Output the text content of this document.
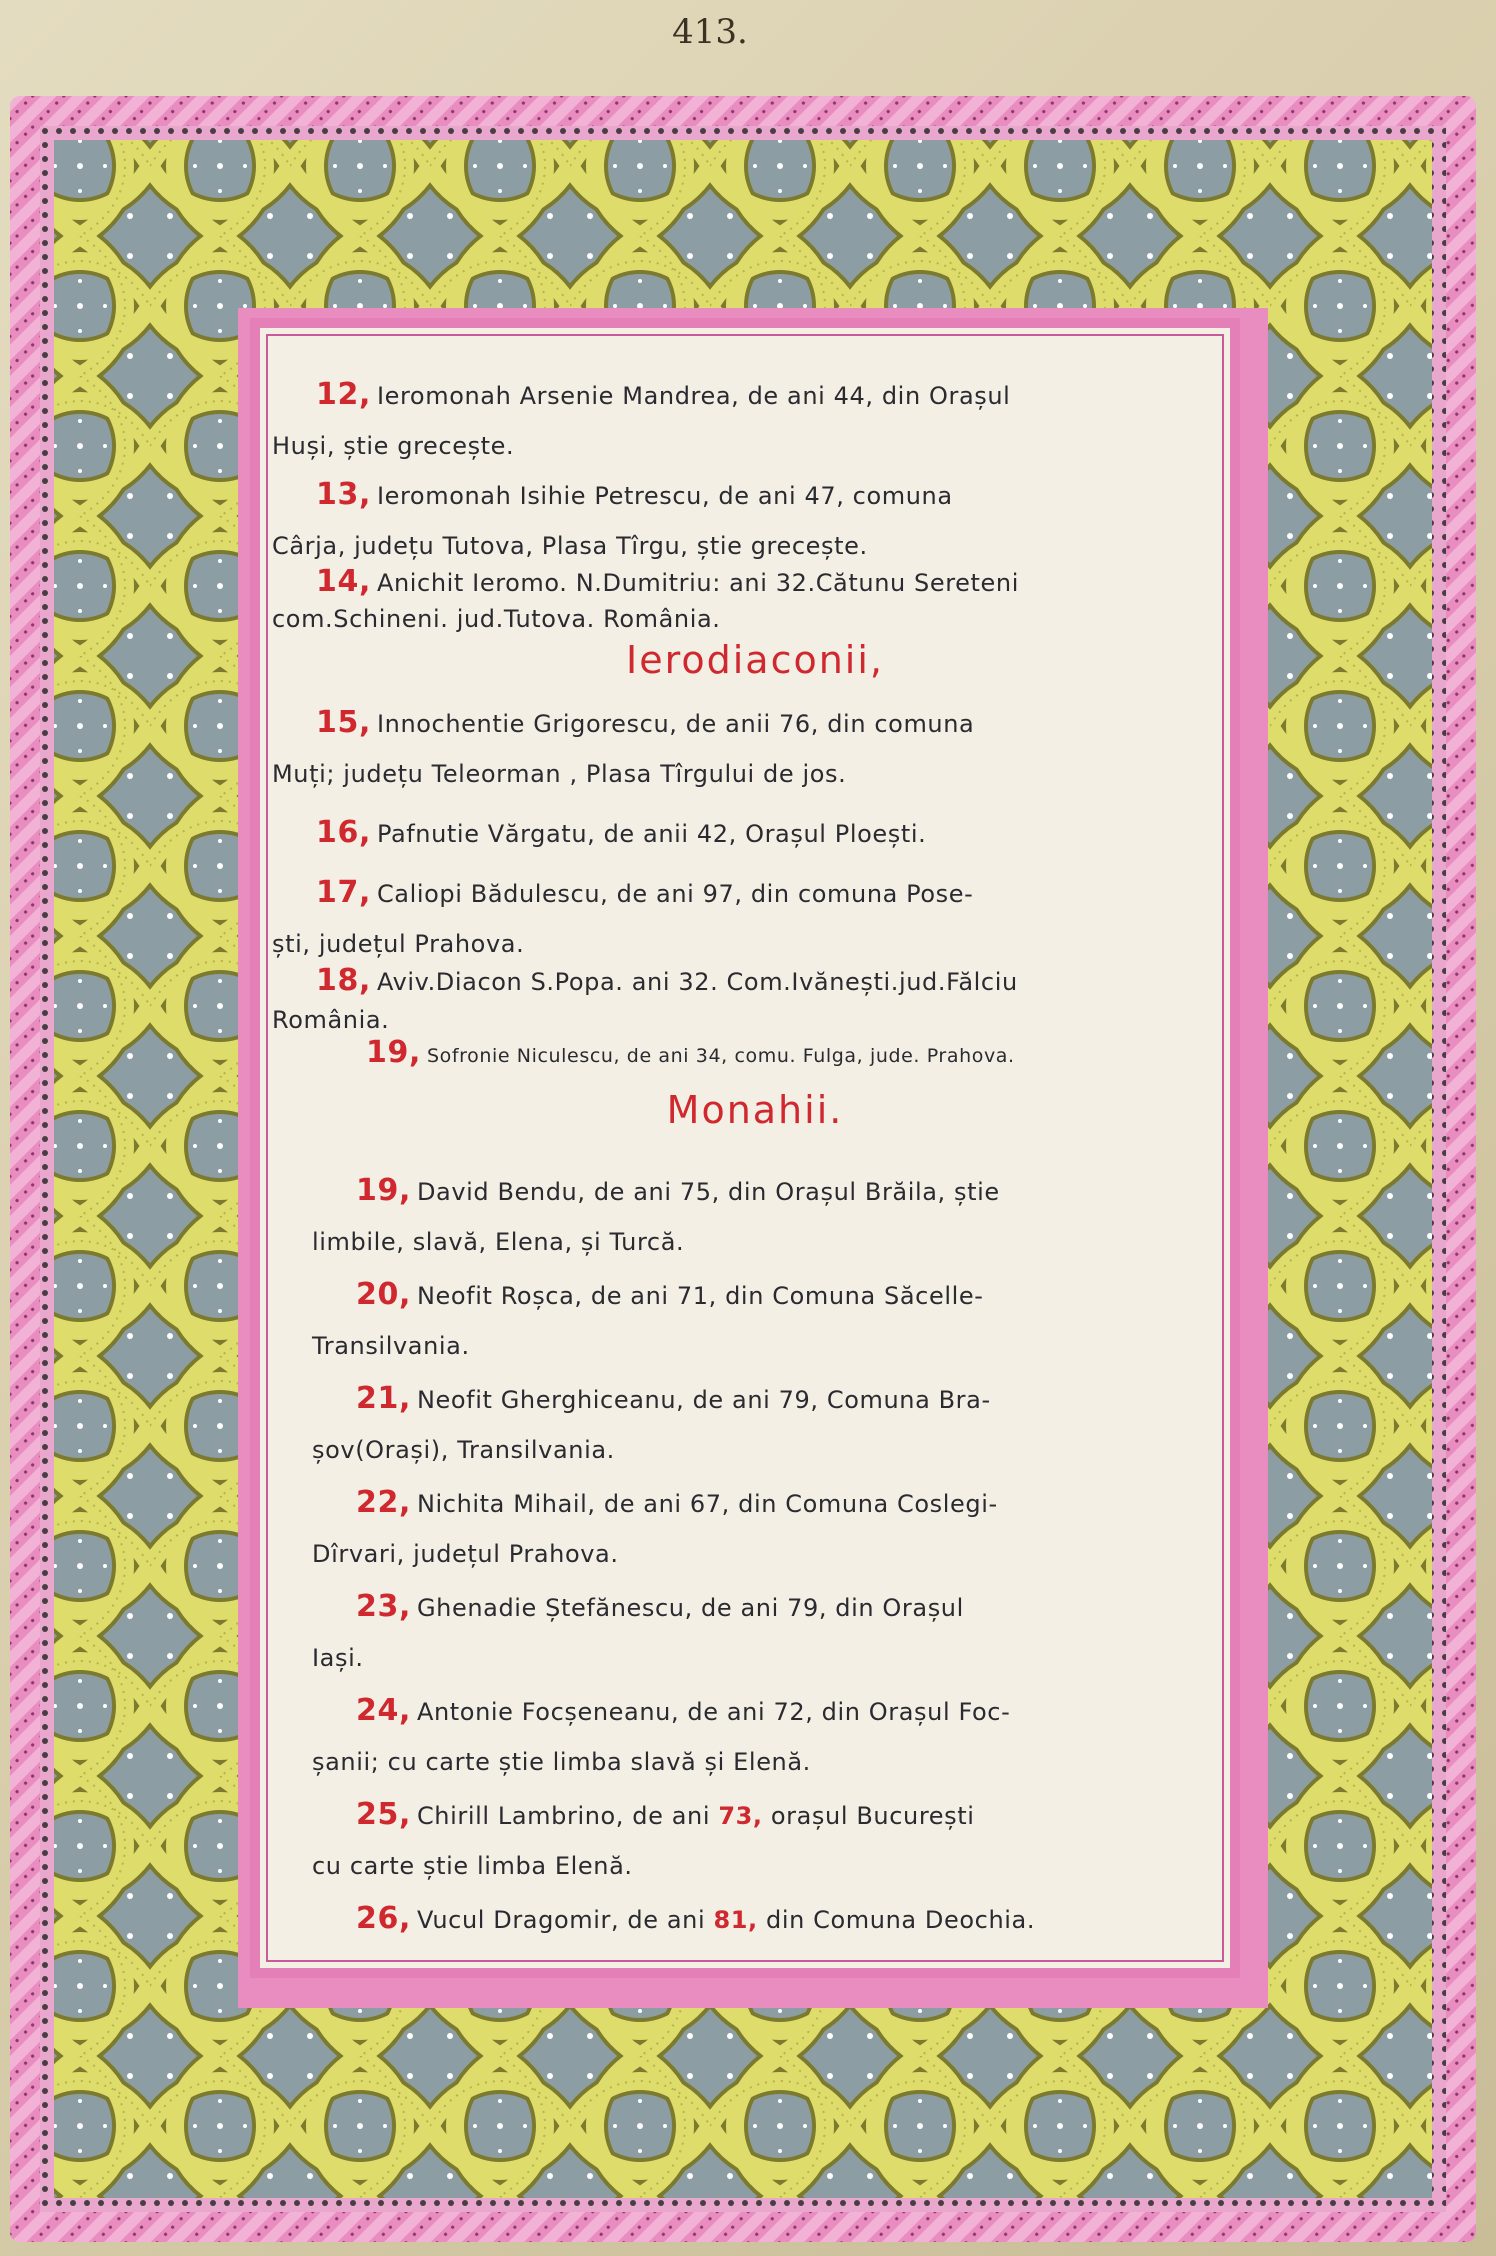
413.
12, Ieromonah Arsenie Mandrea, de ani 44, din Orașul
Huși, știe grecește.
13, Ieromonah Isihie Petrescu, de ani 47, comuna
Cârja, județu Tutova, Plasa Tîrgu, știe grecește.
14, Anichit Ieromo. N.Dumitriu: ani 32.Cătunu Sereteni
com.Schineni. jud.Tutova. România.
Ierodiaconii,
15, Innochentie Grigorescu, de anii 76, din comuna
Muți; județu Teleorman , Plasa Tîrgului de jos.
16, Pafnutie Vărgatu, de anii 42, Orașul Ploești.
17, Caliopi Bădulescu, de ani 97, din comuna Pose-
ști, județul Prahova.
18, Aviv.Diacon S.Popa. ani 32. Com.Ivănești.jud.Fălciu
România.
19, Sofronie Niculescu, de ani 34, comu. Fulga, jude. Prahova.
Monahii.
19, David Bendu, de ani 75, din Orașul Brăila, știe
limbile, slavă, Elena, și Turcă.
20, Neofit Roșca, de ani 71, din Comuna Săcelle-
Transilvania.
21, Neofit Gherghiceanu, de ani 79, Comuna Bra-
șov(Orași), Transilvania.
22, Nichita Mihail, de ani 67, din Comuna Coslegi-
Dîrvari, județul Prahova.
23, Ghenadie Ștefănescu, de ani 79, din Orașul
Iași.
24, Antonie Focșeneanu, de ani 72, din Orașul Foc-
șanii; cu carte știe limba slavă și Elenă.
25, Chirill Lambrino, de ani 73, orașul București
cu carte știe limba Elenă.
26, Vucul Dragomir, de ani 81, din Comuna Deochia.
